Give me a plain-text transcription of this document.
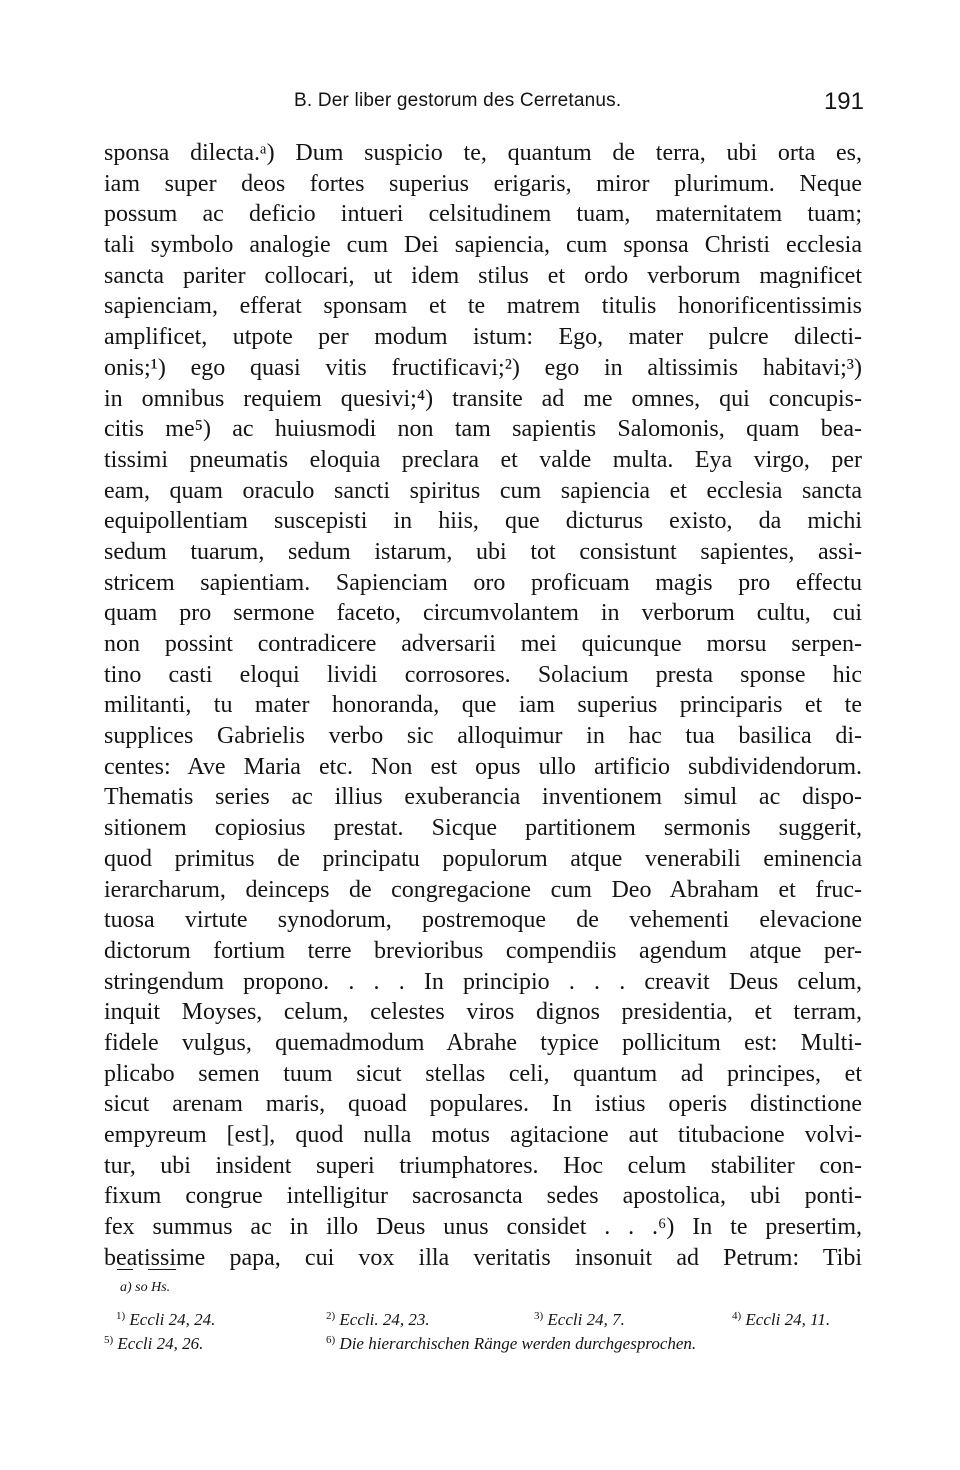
B. Der liber gestorum des Cerretanus.	191
sponsa dilecta.ᵃ) Dum suspicio te, quantum de terra, ubi orta es,
iam super deos fortes superius erigaris, miror plurimum. Neque
possum ac deficio intueri celsitudinem tuam, maternitatem tuam;
tali symbolo analogie cum Dei sapiencia, cum sponsa Christi ecclesia
sancta pariter collocari, ut idem stilus et ordo verborum magnificet
sapienciam, efferat sponsam et te matrem titulis honorificentissimis
amplificet, utpote per modum istum: Ego, mater pulcre dilecti-
onis;¹) ego quasi vitis fructificavi;²) ego in altissimis habitavi;³)
in omnibus requiem quesivi;⁴) transite ad me omnes, qui concupis-
citis me⁵) ac huiusmodi non tam sapientis Salomonis, quam bea-
tissimi pneumatis eloquia preclara et valde multa. Eya virgo, per
eam, quam oraculo sancti spiritus cum sapiencia et ecclesia sancta
equipollentiam suscepisti in hiis, que dicturus existo, da michi
sedum tuarum, sedum istarum, ubi tot consistunt sapientes, assi-
stricem sapientiam. Sapienciam oro proficuam magis pro effectu
quam pro sermone faceto, circumvolantem in verborum cultu, cui
non possint contradicere adversarii mei quicunque morsu serpen-
tino casti eloqui lividi corrosores. Solacium presta sponse hic
militanti, tu mater honoranda, que iam superius principaris et te
supplices Gabrielis verbo sic alloquimur in hac tua basilica di-
centes: Ave Maria etc. Non est opus ullo artificio subdividendorum.
Thematis series ac illius exuberancia inventionem simul ac dispo-
sitionem copiosius prestat. Sicque partitionem sermonis suggerit,
quod primitus de principatu populorum atque venerabili eminencia
ierarcharum, deinceps de congregacione cum Deo Abraham et fruc-
tuosa virtute synodorum, postremoque de vehementi elevacione
dictorum fortium terre brevioribus compendiis agendum atque per-
stringendum propono. . . . In principio . . . creavit Deus celum,
inquit Moyses, celum, celestes viros dignos presidentia, et terram,
fidele vulgus, quemadmodum Abrahe typice pollicitum est: Multi-
plicabo semen tuum sicut stellas celi, quantum ad principes, et
sicut arenam maris, quoad populares. In istius operis distinctione
empyreum [est], quod nulla motus agitacione aut titubacione volvi-
tur, ubi insident superi triumphatores. Hoc celum stabiliter con-
fixum congrue intelligitur sacrosancta sedes apostolica, ubi ponti-
fex summus ac in illo Deus unus considet . . .⁶) In te presertim,
beatissime papa, cui vox illa veritatis insonuit ad Petrum: Tibi
a) so Hs.
$^{1)}$ Eccli 24, 24.	$^{2)}$ Eccli. 24, 23.	$^{3)}$ Eccli 24, 7.	$^{4)}$ Eccli 24, 11.
$^{5)}$ Eccli 24, 26.	$^{6)}$ Die hierarchischen Ränge werden durchgesprochen.
